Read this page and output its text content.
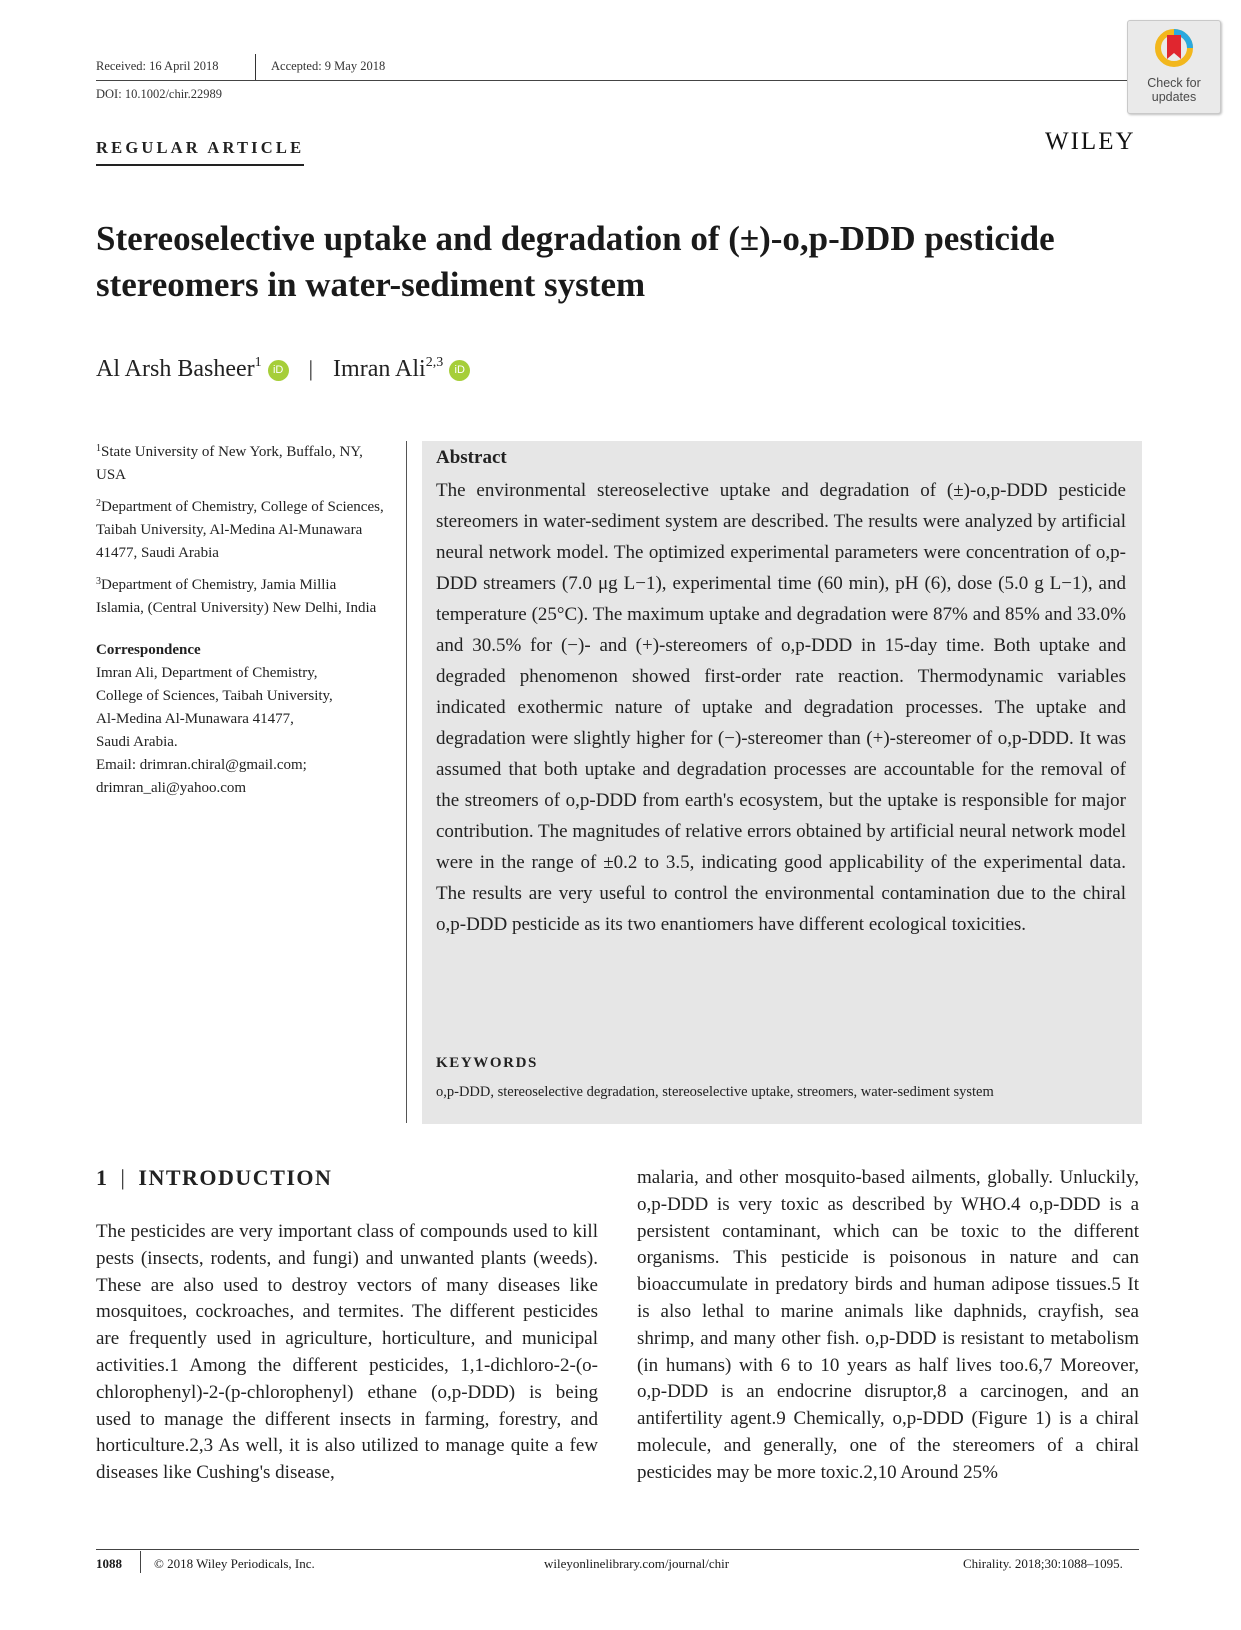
Received: 16 April 2018	Accepted: 9 May 2018
DOI: 10.1002/chir.22989
Check for
updates
REGULAR ARTICLE	WILEY
Stereoselective uptake and degradation of (±)-o,p-DDD pesticide stereomers in water-sediment system
Al Arsh Basheer$^1$ iD | Imran Ali$^{2,3}$ iD
$^1$State University of New York, Buffalo, NY, USA
$^2$Department of Chemistry, College of Sciences, Taibah University, Al-Medina Al-Munawara 41477, Saudi Arabia
$^3$Department of Chemistry, Jamia Millia Islamia, (Central University) New Delhi, India
Correspondence
Imran Ali, Department of Chemistry,
College of Sciences, Taibah University,
Al-Medina Al-Munawara 41477,
Saudi Arabia.
Email: drimran.chiral@gmail.com;
drimran_ali@yahoo.com
Abstract

The environmental stereoselective uptake and degradation of (±)-o,p-DDD pesticide stereomers in water-sediment system are described. The results were analyzed by artificial neural network model. The optimized experimental parameters were concentration of o,p-DDD streamers (7.0 μg L−1), experimental time (60 min), pH (6), dose (5.0 g L−1), and temperature (25°C). The maximum uptake and degradation were 87% and 85% and 33.0% and 30.5% for (−)- and (+)-stereomers of o,p-DDD in 15-day time. Both uptake and degraded phenomenon showed first-order rate reaction. Thermodynamic variables indicated exothermic nature of uptake and degradation processes. The uptake and degradation were slightly higher for (−)-stereomer than (+)-stereomer of o,p-DDD. It was assumed that both uptake and degradation processes are accountable for the removal of the streomers of o,p-DDD from earth's ecosystem, but the uptake is responsible for major contribution. The magnitudes of relative errors obtained by artificial neural network model were in the range of ±0.2 to 3.5, indicating good applicability of the experimental data. The results are very useful to control the environmental contamination due to the chiral o,p-DDD pesticide as its two enantiomers have different ecological toxicities.

KEYWORDS
o,p-DDD, stereoselective degradation, stereoselective uptake, streomers, water-sediment system
1 | INTRODUCTION

The pesticides are very important class of compounds used to kill pests (insects, rodents, and fungi) and unwanted plants (weeds). These are also used to destroy vectors of many diseases like mosquitoes, cockroaches, and termites. The different pesticides are frequently used in agriculture, horticulture, and municipal activities.1 Among the different pesticides, 1,1-dichloro-2-(o-chlorophenyl)-2-(p-chlorophenyl) ethane (o,p-DDD) is being used to manage the different insects in farming, forestry, and horticulture.2,3 As well, it is also utilized to manage quite a few diseases like Cushing's disease,

malaria, and other mosquito-based ailments, globally. Unluckily, o,p-DDD is very toxic as described by WHO.4 o,p-DDD is a persistent contaminant, which can be toxic to the different organisms. This pesticide is poisonous in nature and can bioaccumulate in predatory birds and human adipose tissues.5 It is also lethal to marine animals like daphnids, crayfish, sea shrimp, and many other fish. o,p-DDD is resistant to metabolism (in humans) with 6 to 10 years as half lives too.6,7 Moreover, o,p-DDD is an endocrine disruptor,8 a carcinogen, and an antifertility agent.9 Chemically, o,p-DDD (Figure 1) is a chiral molecule, and generally, one of the stereomers of a chiral pesticides may be more toxic.2,10 Around 25%

1088 © 2018 Wiley Periodicals, Inc.	wileyonlinelibrary.com/journal/chir	Chirality. 2018;30:1088–1095.
